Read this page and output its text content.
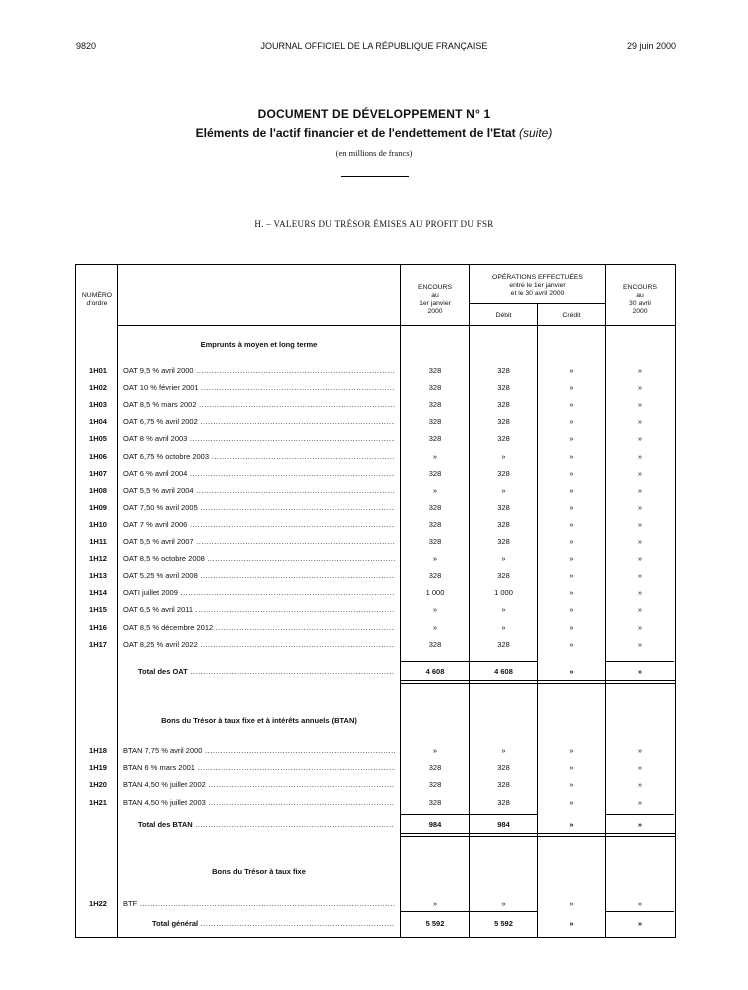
9820	JOURNAL OFFICIEL DE LA RÉPUBLIQUE FRANÇAISE	29 juin 2000
DOCUMENT DE DÉVELOPPEMENT N° 1
Eléments de l'actif financier et de l'endettement de l'Etat (suite)
(en millions de francs)
H. – VALEURS DU TRÉSOR ÉMISES AU PROFIT DU FSR
NUMÉRO
d'ordre
ENCOURS
au
1er janvier
2000
OPÉRATIONS EFFECTUÉES
entre le 1er janvier
et le 30 avril 2000
Débit	Crédit
ENCOURS
au
30 avril
2000
Emprunts à moyen et long terme
Bons du Trésor à taux fixe et à intérêts annuels (BTAN)
Bons du Trésor à taux fixe
1H01	OAT 9,5 % avril 2000 .....	328	328	»	»
1H02	OAT 10 % février 2001 .....	328	328	»	»
1H03	OAT 8,5 % mars 2002 .....	328	328	»	»
1H04	OAT 6,75 % avril 2002 .....	328	328	»	»
1H05	OAT 8 % avril 2003 .....	328	328	»	»
1H06	OAT 6,75 % octobre 2003 .....	»	»	»	»
1H07	OAT 6 % avril 2004 .....	328	328	»	»
1H08	OAT 5,5 % avril 2004 .....	»	»	»	»
1H09	OAT 7,50 % avril 2005 .....	328	328	»	»
1H10	OAT 7 % avril 2006 .....	328	328	»	»
1H11	OAT 5,5 % avril 2007 .....	328	328	»	»
1H12	OAT 8,5 % octobre 2008 .....	»	»	»	»
1H13	OAT 5,25 % avril 2008 .....	328	328	»	»
1H14	OATI juillet 2009 .....	1 000	1 000	»	»
1H15	OAT 6,5 % avril 2011 .....	»	»	»	»
1H16	OAT 8,5 % décembre 2012 .....	»	»	»	»
1H17	OAT 8,25 % avril 2022 .....	328	328	»	»
Total des OAT .....	4 608	4 608	»	»
1H18	BTAN 7,75 % avril 2000 .....	»	»	»	»
1H19	BTAN 6 % mars 2001 .....	328	328	»	»
1H20	BTAN 4,50 % juillet 2002 .....	328	328	»	»
1H21	BTAN 4,50 % juillet 2003 .....	328	328	»	»
Total des BTAN .....	984	984	»	»
1H22	BTF .....	»	»	»	»
Total général .....	5 592	5 592	»	»
